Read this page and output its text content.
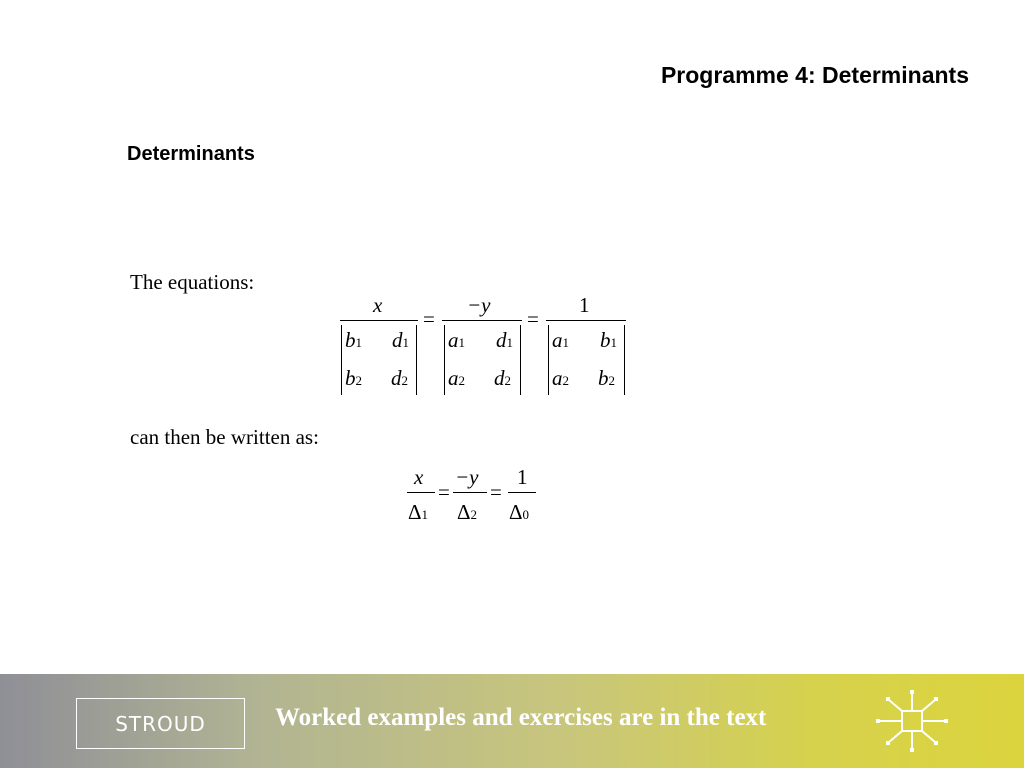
Programme 4: Determinants
Determinants
The equations:
x	−y	1
=	=
b1 d1
b2 d2
a1 d1
a2 d2
a1 b1
a2 b2
can then be written as:
x −y 1
= =
Δ1 Δ2 Δ0
STROUD	Worked examples and exercises are in the text
